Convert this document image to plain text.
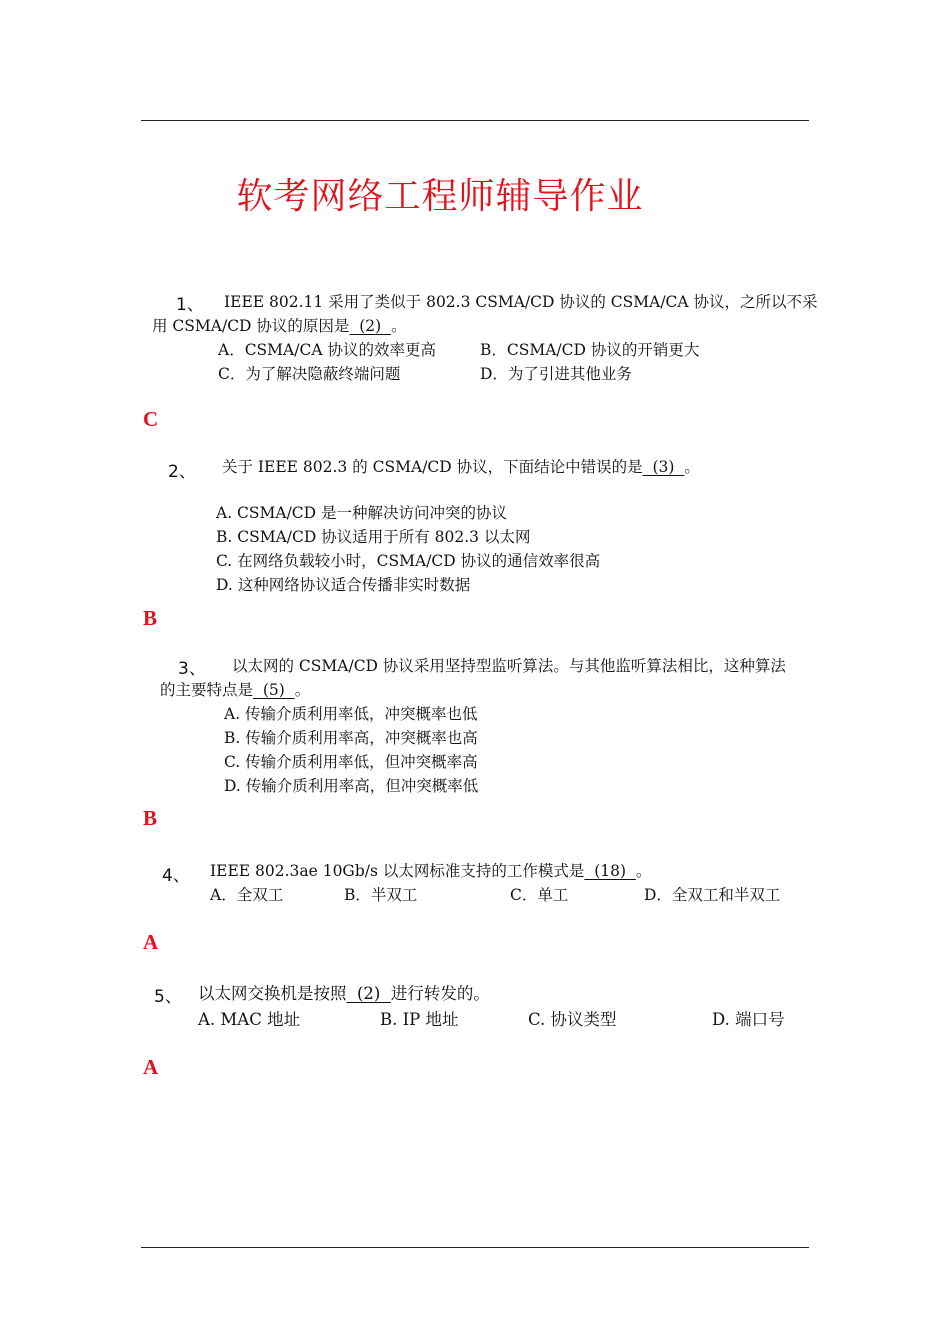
软考网络工程师辅导作业
1、 IEEE 802.11 采用了类似于 802.3 CSMA/CD 协议的 CSMA/CA 协议，之所以不采
用 CSMA/CD 协议的原因是  (2)  。
A．CSMA/CA 协议的效率更高	B．CSMA/CD 协议的开销更大
C．为了解决隐蔽终端问题	D．为了引进其他业务
C
2、 关于 IEEE 802.3 的 CSMA/CD 协议，下面结论中错误的是  (3)  。
A. CSMA/CD 是一种解决访问冲突的协议
B. CSMA/CD 协议适用于所有 802.3 以太网
C. 在网络负载较小时，CSMA/CD 协议的通信效率很高
D. 这种网络协议适合传播非实时数据
B
3、 以太网的 CSMA/CD 协议采用坚持型监听算法。与其他监听算法相比，这种算法
的主要特点是  (5)  。
A. 传输介质利用率低，冲突概率也低
B. 传输介质利用率高，冲突概率也高
C. 传输介质利用率低，但冲突概率高
D. 传输介质利用率高，但冲突概率低
B
4、 IEEE 802.3ae 10Gb/s 以太网标准支持的工作模式是  (18)  。
A．全双工	B．半双工	C．单工	D．全双工和半双工
A
5、 以太网交换机是按照  (2)  进行转发的。
A. MAC 地址	B. IP 地址	C. 协议类型	D. 端口号
A
